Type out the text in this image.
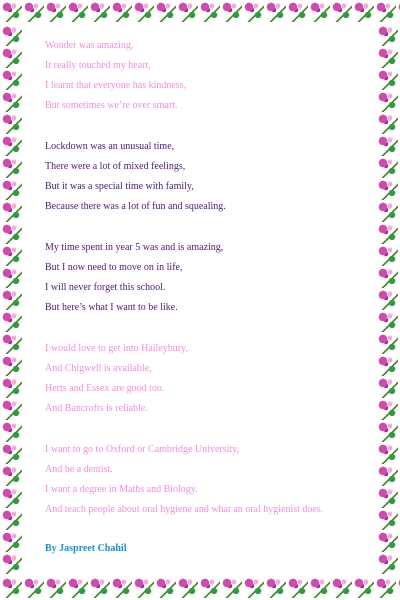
Wonder was amazing,
It really touched my heart,
I learnt that everyone has kindness,
But sometimes we’re over smart.
Lockdown was an unusual time,
There were a lot of mixed feelings,
But it was a special time with family,
Because there was a lot of fun and squealing.
My time spent in year 5 was and is amazing,
But I now need to move on in life,
I will never forget this school.
But here’s what I want to be like.
I would love to get into Haileybury,
And Chigwell is available,
Herts and Essex are good too.
And Bancrofts is reliable.
I want to go to Oxford or Cambridge University,
And be a dentist.
I want a degree in Maths and Biology.
And teach people about oral hygiene and what an oral hygienist does.
By Jaspreet Chahil
